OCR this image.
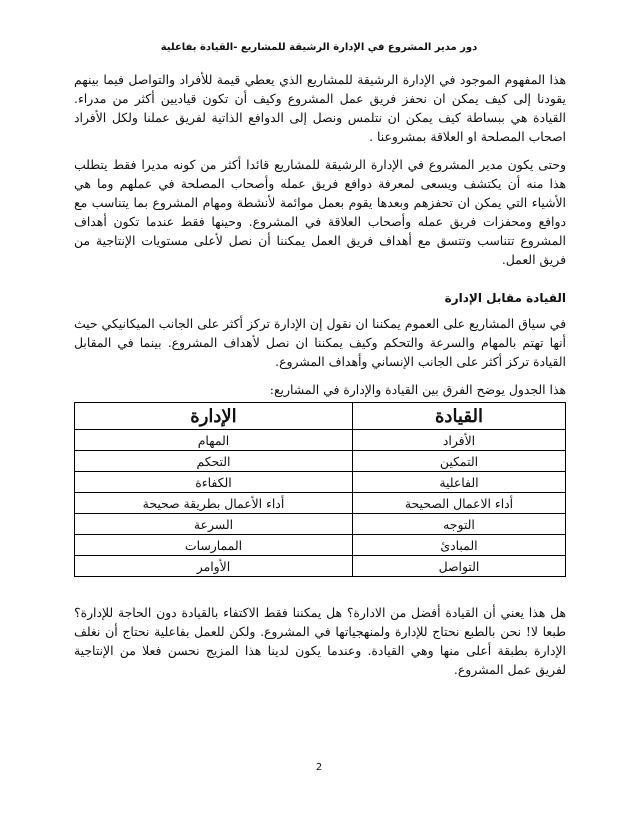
دور مدير المشروع في الإدارة الرشيقة للمشاريع -القيادة بفاعلية

هذا المفهوم الموجود في الإدارة الرشيقة للمشاريع الذي يعطي قيمة للأفراد والتواصل فيما بينهم يقودنا إلى كيف يمكن ان نحفز فريق عمل المشروع وكيف أن تكون قياديين أكثر من مدراء. القيادة هي ببساطة كيف يمكن ان نتلمس ونصل إلى الدوافع الذاتية لفريق عملنا ولكل الأفراد اصحاب المصلحة او العلاقة بمشروعنا .

وحتى يكون مدير المشروع في الإدارة الرشيقة للمشاريع قائدا أكثر من كونه مديرا فقط يتطلب هذا منه أن يكتشف ويسعى لمعرفة دوافع فريق عمله وأصحاب المصلحة في عملهم وما هي الأشياء التي يمكن ان تحفزهم وبعدها يقوم بعمل موائمة لأنشطة ومهام المشروع بما يتناسب مع دوافع ومحفزات فريق عمله وأصحاب العلاقة في المشروع. وحينها فقط عندما تكون أهداف المشروع تتناسب وتتسق مع أهداف فريق العمل يمكننا أن نصل لأعلى مستويات الإنتاجية من فريق العمل.

القيادة مقابل الإدارة

في سياق المشاريع على العموم يمكننا ان نقول إن الإدارة تركز أكثر على الجانب الميكانيكي حيث أنها تهتم بالمهام والسرعة والتحكم وكيف يمكننا ان نصل لأهداف المشروع. بينما في المقابل القيادة تركز أكثر على الجانب الإنساني وأهداف المشروع.

هذا الجدول يوضح الفرق بين القيادة والإدارة في المشاريع:

القيادة	الإدارة
الأفراد	المهام
التمكين	التحكم
الفاعلية	الكفاءة
أداء الاعمال الصحيحة	أداء الأعمال بطريقة صحيحة
التوجه	السرعة
المبادئ	الممارسات
التواصل	الأوامر

هل هذا يعني أن القيادة أفضل من الادارة؟ هل يمكننا فقط الاكتفاء بالقيادة دون الحاجة للإدارة؟ طبعا لا! نحن بالطبع نحتاج للإدارة ولمنهجياتها في المشروع. ولكن للعمل بفاعلية نحتاج أن نغلف الإدارة بطبقة أعلى منها وهي القيادة. وعندما يكون لدينا هذا المزيج نحسن فعلا من الإنتاجية لفريق عمل المشروع.

2
